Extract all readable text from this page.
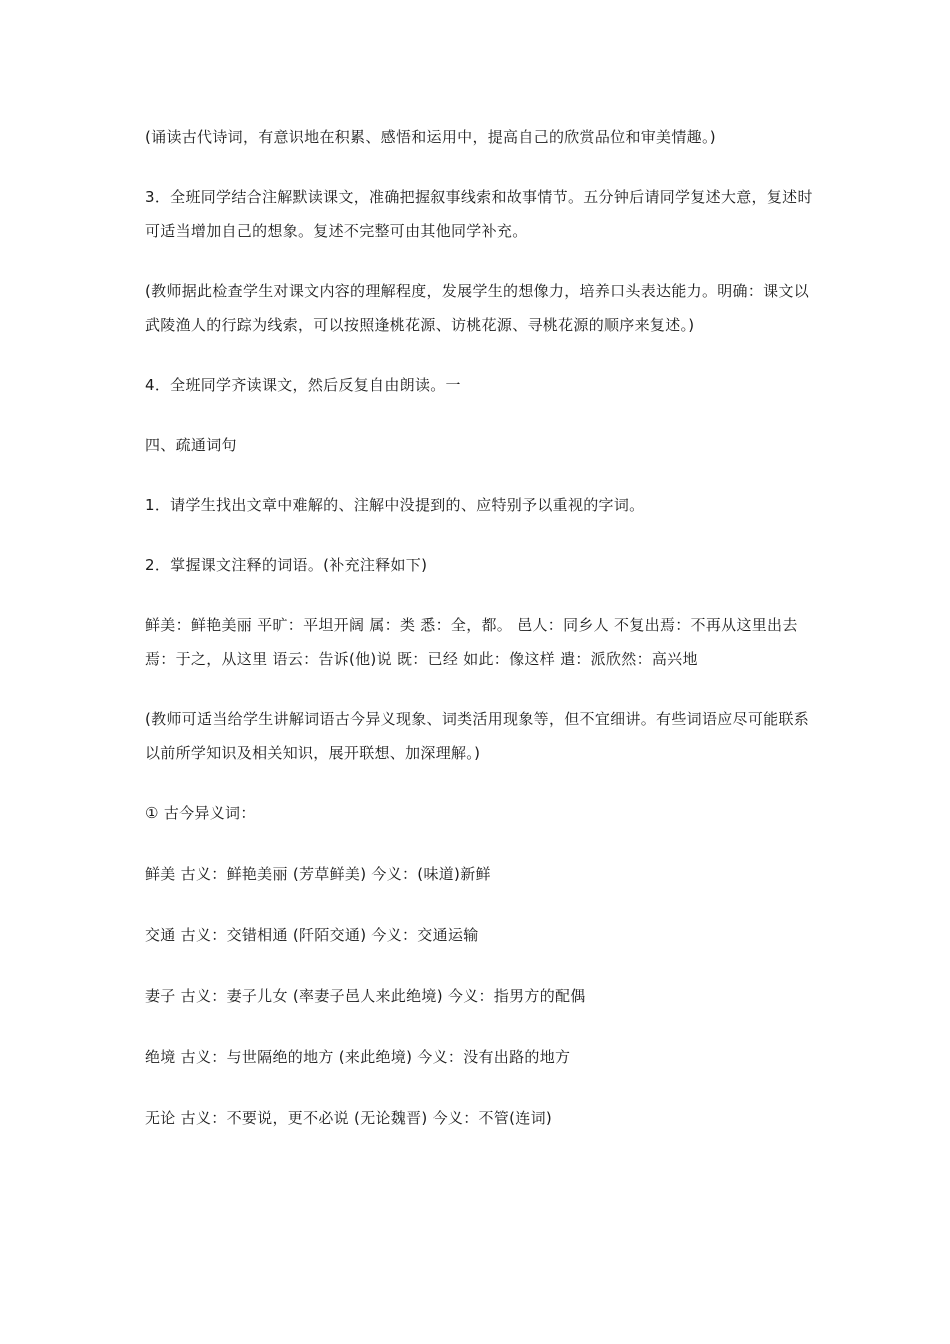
(诵读古代诗词，有意识地在积累、感悟和运用中，提高自己的欣赏品位和审美情趣。)

3．全班同学结合注解默读课文，准确把握叙事线索和故事情节。五分钟后请同学复述大意，复述时可适当增加自己的想象。复述不完整可由其他同学补充。

(教师据此检查学生对课文内容的理解程度，发展学生的想像力，培养口头表达能力。明确：课文以武陵渔人的行踪为线索，可以按照逢桃花源、访桃花源、寻桃花源的顺序来复述。)

4．全班同学齐读课文，然后反复自由朗读。一

四、疏通词句

1．请学生找出文章中难解的、注解中没提到的、应特别予以重视的字词。

2．掌握课文注释的词语。(补充注释如下)

鲜美：鲜艳美丽 平旷：平坦开阔 属：类 悉：全，都。 邑人：同乡人 不复出焉：不再从这里出去 焉：于之，从这里 语云：告诉(他)说 既：已经 如此：像这样 遣：派欣然：高兴地

(教师可适当给学生讲解词语古今异义现象、词类活用现象等，但不宜细讲。有些词语应尽可能联系以前所学知识及相关知识，展开联想、加深理解。)

① 古今异义词：

鲜美 古义：鲜艳美丽 (芳草鲜美) 今义：(味道)新鲜

交通 古义：交错相通 (阡陌交通) 今义：交通运输

妻子 古义：妻子儿女 (率妻子邑人来此绝境) 今义：指男方的配偶

绝境 古义：与世隔绝的地方 (来此绝境) 今义：没有出路的地方

无论 古义：不要说，更不必说 (无论魏晋) 今义：不管(连词)
